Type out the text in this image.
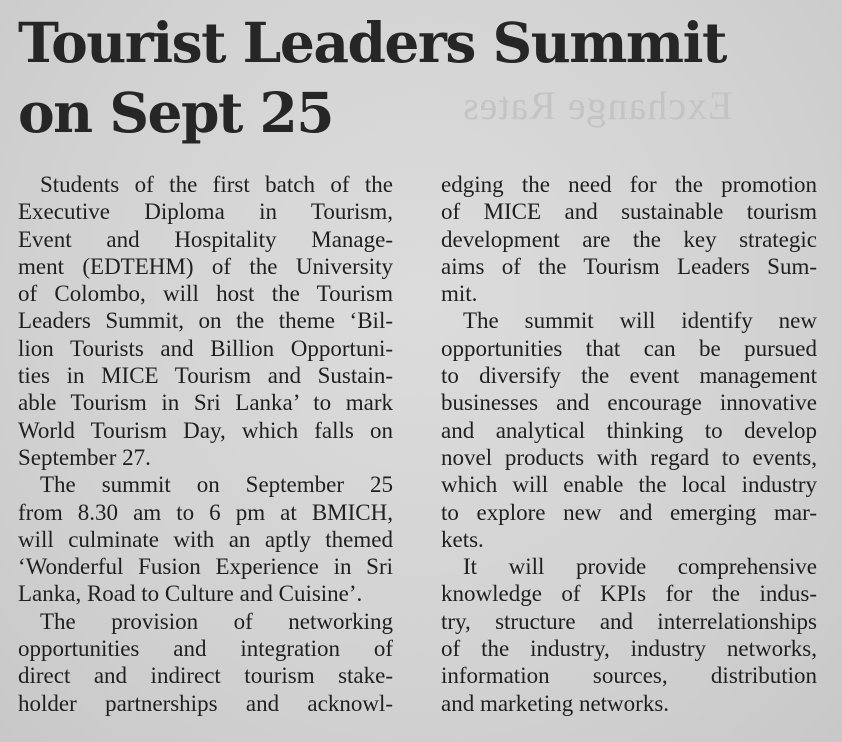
Exchange Rates
Tourist Leaders Summit
on Sept 25
Students of the first batch of the
Executive Diploma in Tourism,
Event and Hospitality Manage-
ment (EDTEHM) of the University
of Colombo, will host the Tourism
Leaders Summit, on the theme ‘Bil-
lion Tourists and Billion Opportuni-
ties in MICE Tourism and Sustain-
able Tourism in Sri Lanka’ to mark
World Tourism Day, which falls on
September 27.
The summit on September 25
from 8.30 am to 6 pm at BMICH,
will culminate with an aptly themed
‘Wonderful Fusion Experience in Sri
Lanka, Road to Culture and Cuisine’.
The provision of networking
opportunities and integration of
direct and indirect tourism stake-
holder partnerships and acknowl-
edging the need for the promotion
of MICE and sustainable tourism
development are the key strategic
aims of the Tourism Leaders Sum-
mit.
The summit will identify new
opportunities that can be pursued
to diversify the event management
businesses and encourage innovative
and analytical thinking to develop
novel products with regard to events,
which will enable the local industry
to explore new and emerging mar-
kets.
It will provide comprehensive
knowledge of KPIs for the indus-
try, structure and interrelationships
of the industry, industry networks,
information sources, distribution
and marketing networks.
